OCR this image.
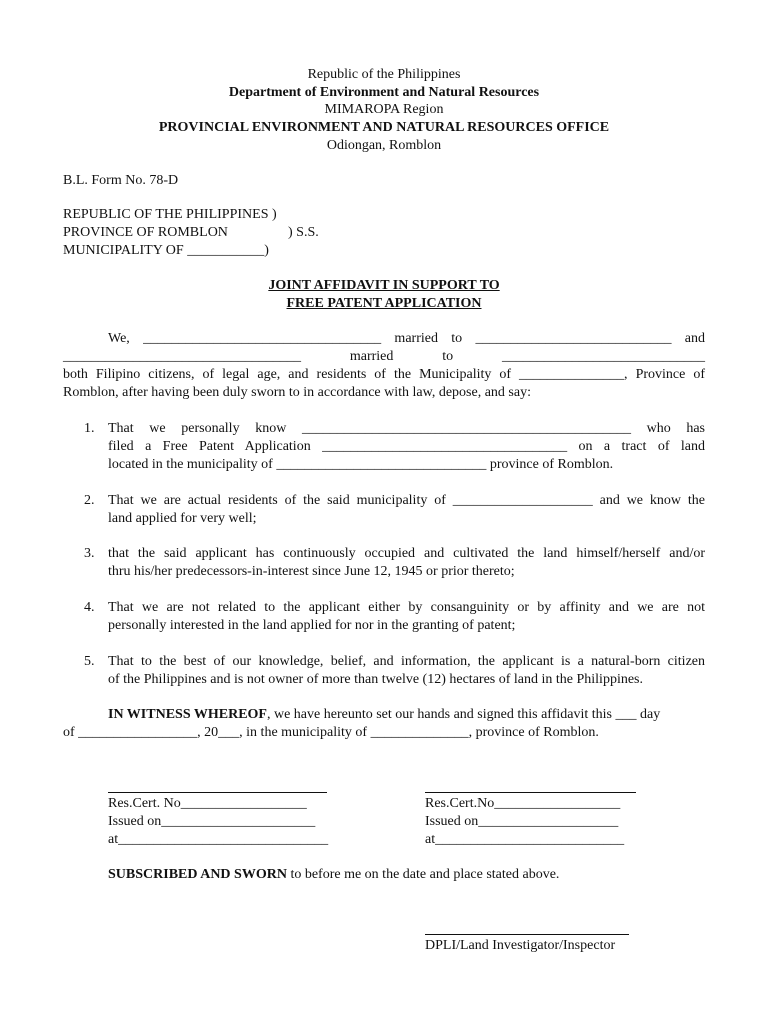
Republic of the Philippines
Department of Environment and Natural Resources
MIMAROPA Region
PROVINCIAL ENVIRONMENT AND NATURAL RESOURCES OFFICE
Odiongan, Romblon
B.L. Form No. 78-D
REPUBLIC OF THE PHILIPPINES )
PROVINCE OF ROMBLON	) S.S.
MUNICIPALITY OF ___________)
JOINT AFFIDAVIT IN SUPPORT TO
FREE PATENT APPLICATION
We, __________________________________ married to ____________________________ and
__________________________________ married to _____________________________
both Filipino citizens, of legal age, and residents of the Municipality of _______________, Province of
Romblon, after having been duly sworn to in accordance with law, depose, and say:
1. That we personally know _______________________________________________ who has
filed a Free Patent Application ___________________________________ on a tract of land
located in the municipality of ______________________________ province of Romblon.
2. That we are actual residents of the said municipality of ____________________ and we know the
land applied for very well;
3. that the said applicant has continuously occupied and cultivated the land himself/herself and/or
thru his/her predecessors-in-interest since June 12, 1945 or prior thereto;
4. That we are not related to the applicant either by consanguinity or by affinity and we are not
personally interested in the land applied for nor in the granting of patent;
5. That to the best of our knowledge, belief, and information, the applicant is a natural-born citizen
of the Philippines and is not owner of more than twelve (12) hectares of land in the Philippines.
IN WITNESS WHEREOF, we have hereunto set our hands and signed this affidavit this ___ day
of _________________, 20___, in the municipality of ______________, province of Romblon.
Res.Cert. No__________________
Issued on______________________
at______________________________
Res.Cert.No__________________
Issued on____________________
at___________________________
SUBSCRIBED AND SWORN to before me on the date and place stated above.
DPLI/Land Investigator/Inspector
